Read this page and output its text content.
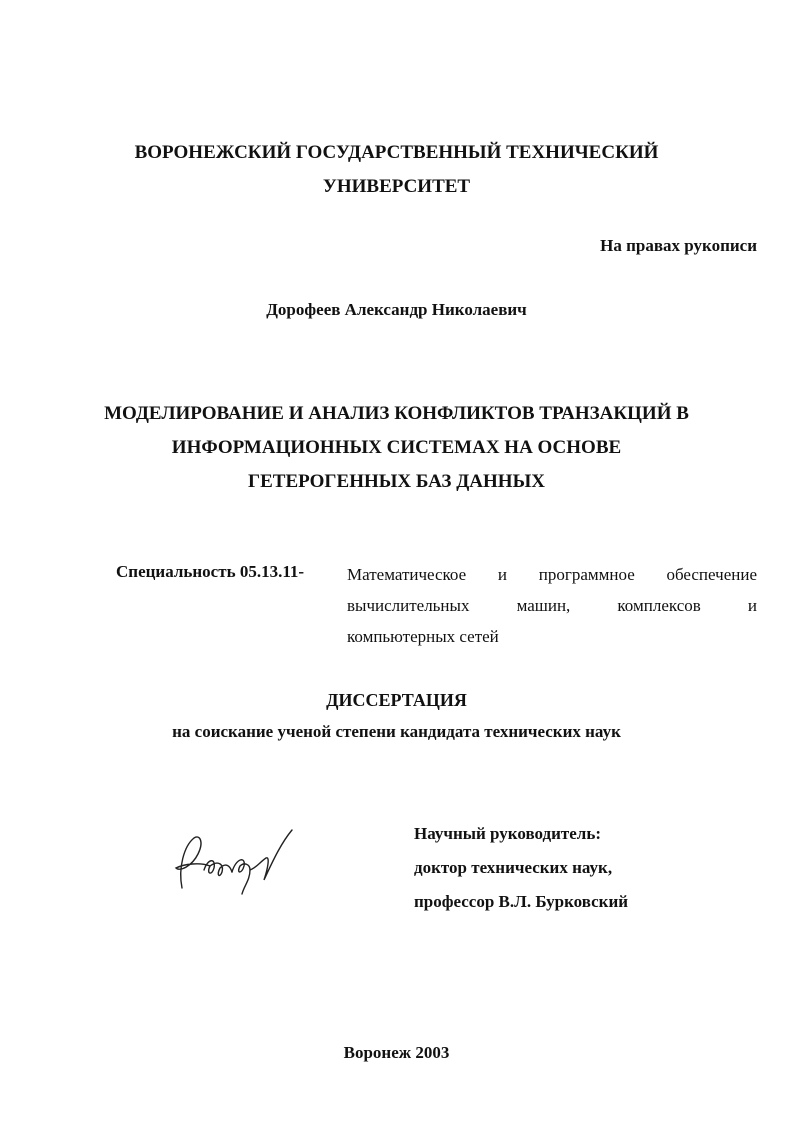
ВОРОНЕЖСКИЙ ГОСУДАРСТВЕННЫЙ ТЕХНИЧЕСКИЙ
УНИВЕРСИТЕТ
На правах рукописи
Дорофеев Александр Николаевич
МОДЕЛИРОВАНИЕ И АНАЛИЗ КОНФЛИКТОВ ТРАНЗАКЦИЙ В
ИНФОРМАЦИОННЫХ СИСТЕМАХ НА ОСНОВЕ
ГЕТЕРОГЕННЫХ БАЗ ДАННЫХ
Специальность 05.13.11-	Математическое и программное обеспечение
вычислительных машин, комплексов и
компьютерных сетей
ДИССЕРТАЦИЯ
на соискание ученой степени кандидата технических наук
Научный руководитель:
доктор технических наук,
профессор В.Л. Бурковский
Воронеж 2003
